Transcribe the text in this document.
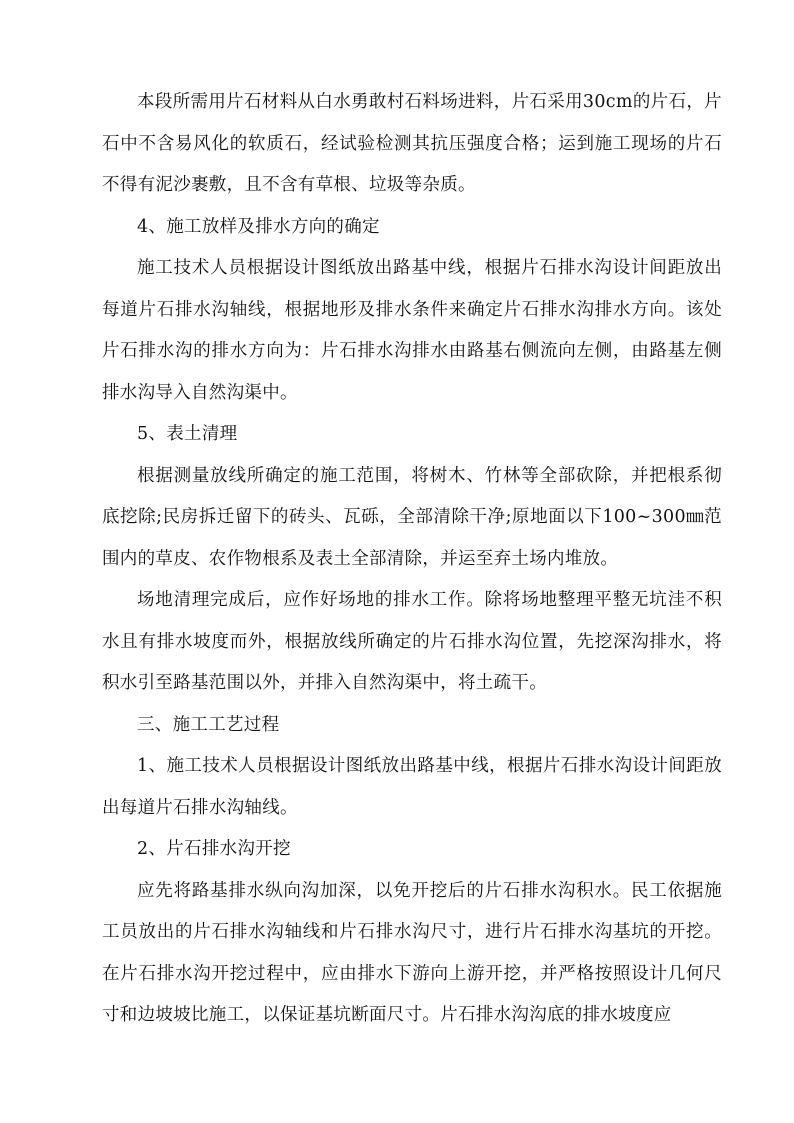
本段所需用片石材料从白水勇敢村石料场进料，片石采用30cm的片石，片石中不含易风化的软质石，经试验检测其抗压强度合格；运到施工现场的片石不得有泥沙裹敷，且不含有草根、垃圾等杂质。

4、施工放样及排水方向的确定

施工技术人员根据设计图纸放出路基中线，根据片石排水沟设计间距放出每道片石排水沟轴线，根据地形及排水条件来确定片石排水沟排水方向。该处片石排水沟的排水方向为：片石排水沟排水由路基右侧流向左侧，由路基左侧排水沟导入自然沟渠中。

5、表土清理

根据测量放线所确定的施工范围，将树木、竹林等全部砍除，并把根系彻底挖除;民房拆迁留下的砖头、瓦砾，全部清除干净;原地面以下100~300㎜范围内的草皮、农作物根系及表土全部清除，并运至弃土场内堆放。

场地清理完成后，应作好场地的排水工作。除将场地整理平整无坑洼不积水且有排水坡度而外，根据放线所确定的片石排水沟位置，先挖深沟排水，将积水引至路基范围以外，并排入自然沟渠中，将土疏干。

三、施工工艺过程

1、施工技术人员根据设计图纸放出路基中线，根据片石排水沟设计间距放出每道片石排水沟轴线。

2、片石排水沟开挖

应先将路基排水纵向沟加深，以免开挖后的片石排水沟积水。民工依据施工员放出的片石排水沟轴线和片石排水沟尺寸，进行片石排水沟基坑的开挖。在片石排水沟开挖过程中，应由排水下游向上游开挖，并严格按照设计几何尺寸和边坡坡比施工，以保证基坑断面尺寸。片石排水沟沟底的排水坡度应
